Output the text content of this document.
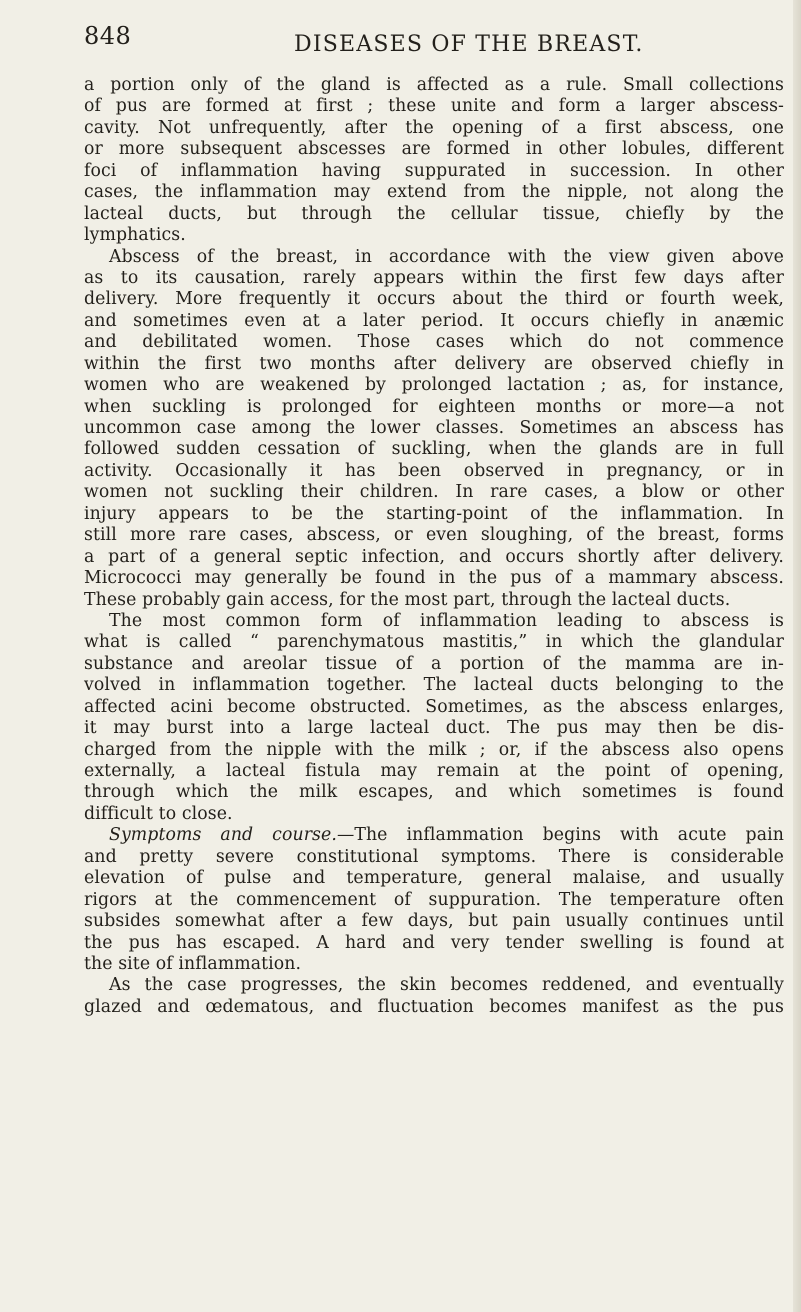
848	DISEASES OF THE BREAST.
a portion only of the gland is affected as a rule. Small collections
of pus are formed at first ; these unite and form a larger abscess-
cavity. Not unfrequently, after the opening of a first abscess, one
or more subsequent abscesses are formed in other lobules, different
foci of inflammation having suppurated in succession. In other
cases, the inflammation may extend from the nipple, not along the
lacteal ducts, but through the cellular tissue, chiefly by the
lymphatics.
Abscess of the breast, in accordance with the view given above
as to its causation, rarely appears within the first few days after
delivery. More frequently it occurs about the third or fourth week,
and sometimes even at a later period. It occurs chiefly in anæmic
and debilitated women. Those cases which do not commence
within the first two months after delivery are observed chiefly in
women who are weakened by prolonged lactation ; as, for instance,
when suckling is prolonged for eighteen months or more—a not
uncommon case among the lower classes. Sometimes an abscess has
followed sudden cessation of suckling, when the glands are in full
activity. Occasionally it has been observed in pregnancy, or in
women not suckling their children. In rare cases, a blow or other
injury appears to be the starting-point of the inflammation. In
still more rare cases, abscess, or even sloughing, of the breast, forms
a part of a general septic infection, and occurs shortly after delivery.
Micrococci may generally be found in the pus of a mammary abscess.
These probably gain access, for the most part, through the lacteal ducts.
The most common form of inflammation leading to abscess is
what is called “ parenchymatous mastitis,” in which the glandular
substance and areolar tissue of a portion of the mamma are in-
volved in inflammation together. The lacteal ducts belonging to the
affected acini become obstructed. Sometimes, as the abscess enlarges,
it may burst into a large lacteal duct. The pus may then be dis-
charged from the nipple with the milk ; or, if the abscess also opens
externally, a lacteal fistula may remain at the point of opening,
through which the milk escapes, and which sometimes is found
difficult to close.
Symptoms and course.—The inflammation begins with acute pain
and pretty severe constitutional symptoms. There is considerable
elevation of pulse and temperature, general malaise, and usually
rigors at the commencement of suppuration. The temperature often
subsides somewhat after a few days, but pain usually continues until
the pus has escaped. A hard and very tender swelling is found at
the site of inflammation.
As the case progresses, the skin becomes reddened, and eventually
glazed and œdematous, and fluctuation becomes manifest as the pus
